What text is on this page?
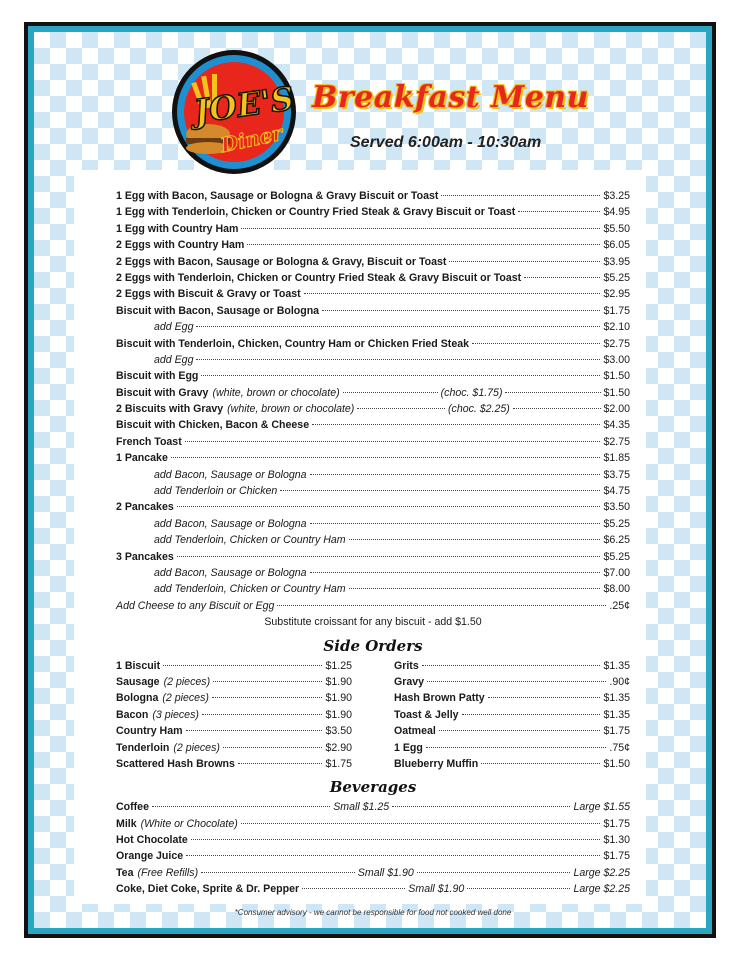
JOE'S
Diner
Breakfast Menu
Served 6:00am - 10:30am
1 Egg with Bacon, Sausage or Bologna & Gravy Biscuit or Toast	$3.25
1 Egg with Tenderloin, Chicken or Country Fried Steak & Gravy Biscuit or Toast	$4.95
1 Egg with Country Ham	$5.50
2 Eggs with Country Ham	$6.05
2 Eggs with Bacon, Sausage or Bologna & Gravy, Biscuit or Toast	$3.95
2 Eggs with Tenderloin, Chicken or Country Fried Steak & Gravy Biscuit or Toast	$5.25
2 Eggs with Biscuit & Gravy or Toast	$2.95
Biscuit with Bacon, Sausage or Bologna	$1.75
add Egg	$2.10
Biscuit with Tenderloin, Chicken, Country Ham or Chicken Fried Steak	$2.75
add Egg	$3.00
Biscuit with Egg	$1.50
Biscuit with Gravy (white, brown or chocolate)	(choc. $1.75)	$1.50
2 Biscuits with Gravy (white, brown or chocolate)	(choc. $2.25)	$2.00
Biscuit with Chicken, Bacon & Cheese	$4.35
French Toast	$2.75
1 Pancake	$1.85
add Bacon, Sausage or Bologna	$3.75
add Tenderloin or Chicken	$4.75
2 Pancakes	$3.50
add Bacon, Sausage or Bologna	$5.25
add Tenderloin, Chicken or Country Ham	$6.25
3 Pancakes	$5.25
add Bacon, Sausage or Bologna	$7.00
add Tenderloin, Chicken or Country Ham	$8.00
Add Cheese to any Biscuit or Egg	.25¢
Substitute croissant for any biscuit - add $1.50
Side Orders
1 Biscuit	$1.25
Sausage (2 pieces)	$1.90
Bologna (2 pieces)	$1.90
Bacon (3 pieces)	$1.90
Country Ham	$3.50
Tenderloin (2 pieces)	$2.90
Scattered Hash Browns	$1.75
Grits	$1.35
Gravy	.90¢
Hash Brown Patty	$1.35
Toast & Jelly	$1.35
Oatmeal	$1.75
1 Egg	.75¢
Blueberry Muffin	$1.50
Beverages
Coffee	Small $1.25	Large $1.55
Milk (White or Chocolate)	$1.75
Hot Chocolate	$1.30
Orange Juice	$1.75
Tea (Free Refills)	Small $1.90	Large $2.25
Coke, Diet Coke, Sprite & Dr. Pepper	Small $1.90	Large $2.25
*Consumer advisory - we cannot be responsible for food not cooked well done
